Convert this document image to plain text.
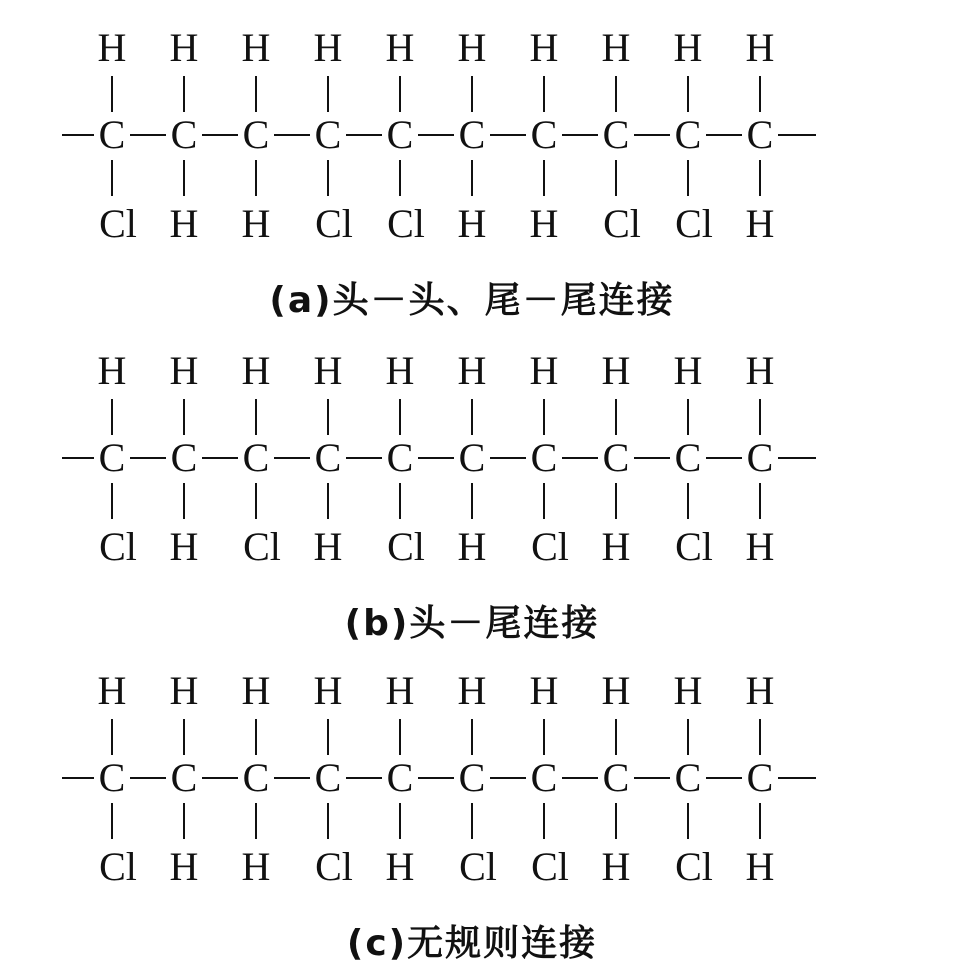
H
C
Cl
H
C
H
H
C
H
H
C
Cl
H
C
Cl
H
C
H
H
C
H
H
C
Cl
H
C
Cl
H
C
H
(a)头－头、尾－尾连接
H
C
Cl
H
C
H
H
C
Cl
H
C
H
H
C
Cl
H
C
H
H
C
Cl
H
C
H
H
C
Cl
H
C
H
(b)头－尾连接
H
C
Cl
H
C
H
H
C
H
H
C
Cl
H
C
H
H
C
Cl
H
C
Cl
H
C
H
H
C
Cl
H
C
H
(c)无规则连接
